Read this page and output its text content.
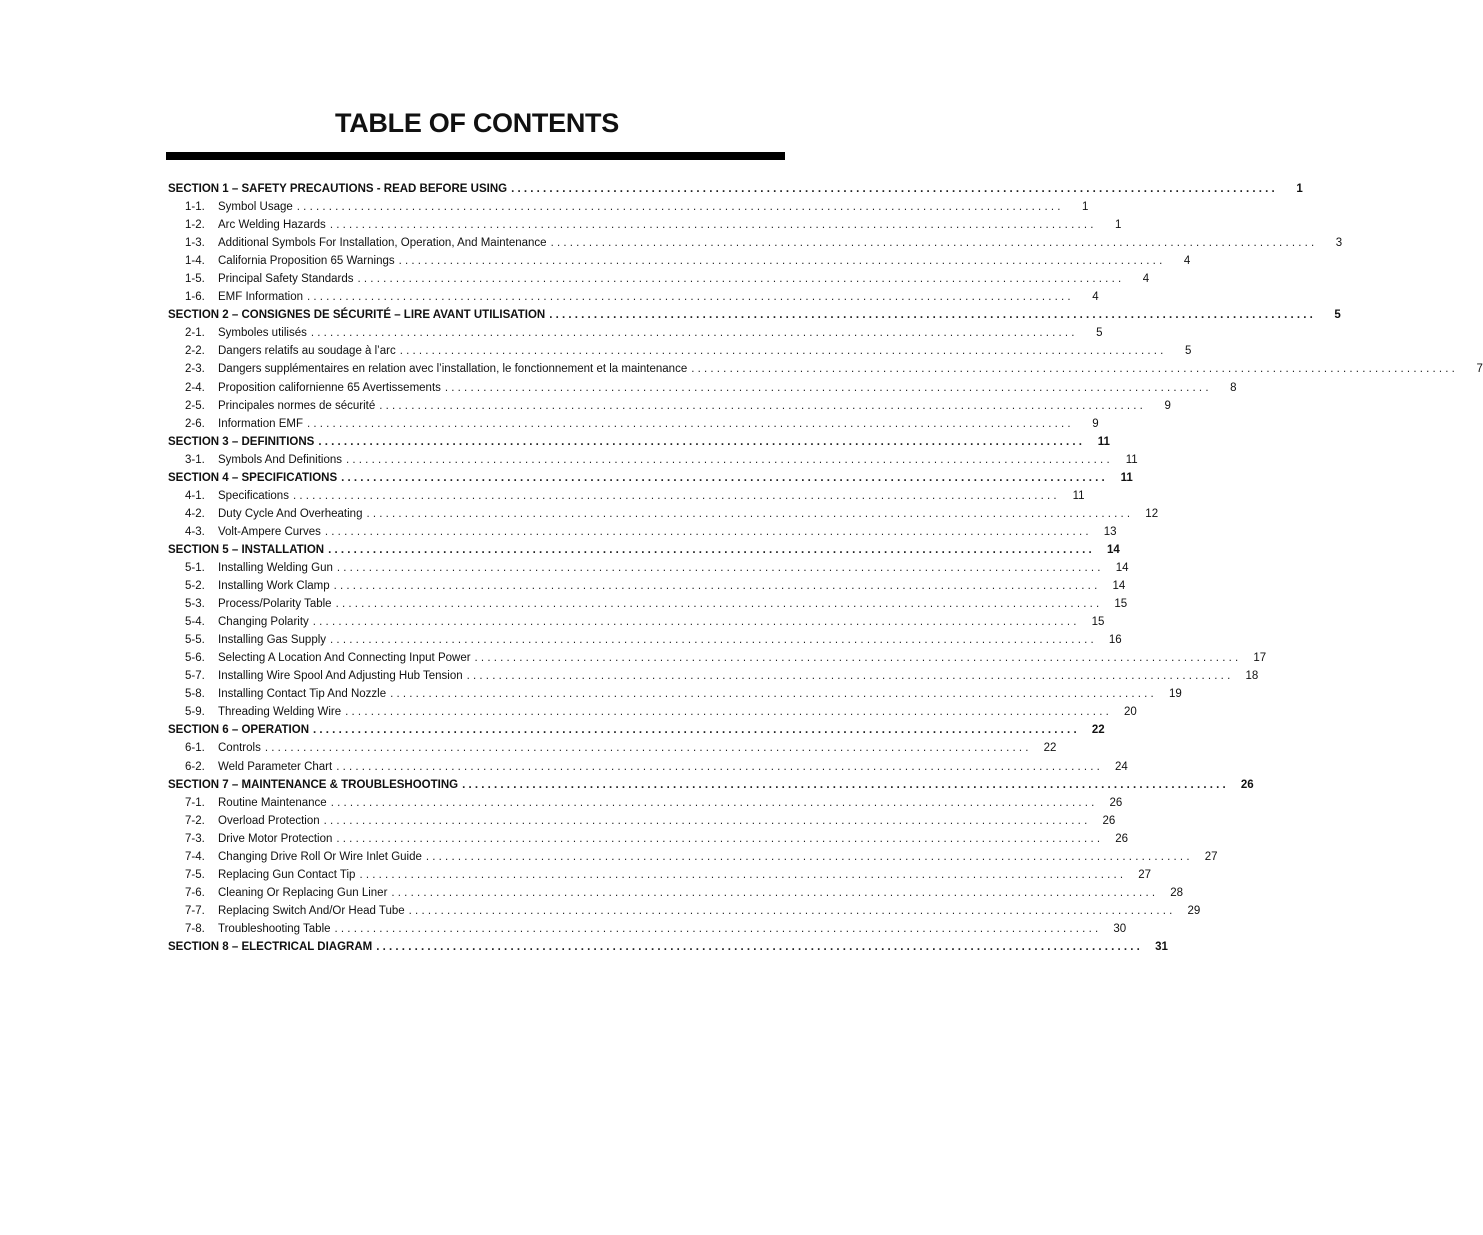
TABLE OF CONTENTS
SECTION 1 – SAFETY PRECAUTIONS - READ BEFORE USING . . .	1
1-1.	Symbol Usage . . .	1
1-2.	Arc Welding Hazards . . .	1
1-3.	Additional Symbols For Installation, Operation, And Maintenance . . .	3
1-4.	California Proposition 65 Warnings . . .	4
1-5.	Principal Safety Standards . . .	4
1-6.	EMF Information . . .	4
SECTION 2 – CONSIGNES DE SÉCURITÉ – LIRE AVANT UTILISATION . . .	5
2-1.	Symboles utilisés . . .	5
2-2.	Dangers relatifs au soudage à l’arc . . .	5
2-3.	Dangers supplémentaires en relation avec l’installation, le fonctionnement et la maintenance . . .	7
2-4.	Proposition californienne 65 Avertissements . . .	8
2-5.	Principales normes de sécurité . . .	9
2-6.	Information EMF . . .	9
SECTION 3 – DEFINITIONS . . .	11
3-1.	Symbols And Definitions . . .	11
SECTION 4 – SPECIFICATIONS . . .	11
4-1.	Specifications . . .	11
4-2.	Duty Cycle And Overheating . . .	12
4-3.	Volt-Ampere Curves . . .	13
SECTION 5 – INSTALLATION . . .	14
5-1.	Installing Welding Gun . . .	14
5-2.	Installing Work Clamp . . .	14
5-3.	Process/Polarity Table . . .	15
5-4.	Changing Polarity . . .	15
5-5.	Installing Gas Supply . . .	16
5-6.	Selecting A Location And Connecting Input Power . . .	17
5-7.	Installing Wire Spool And Adjusting Hub Tension . . .	18
5-8.	Installing Contact Tip And Nozzle . . .	19
5-9.	Threading Welding Wire . . .	20
SECTION 6 – OPERATION . . .	22
6-1.	Controls . . .	22
6-2.	Weld Parameter Chart . . .	24
SECTION 7 – MAINTENANCE & TROUBLESHOOTING . . .	26
7-1.	Routine Maintenance . . .	26
7-2.	Overload Protection . . .	26
7-3.	Drive Motor Protection . . .	26
7-4.	Changing Drive Roll Or Wire Inlet Guide . . .	27
7-5.	Replacing Gun Contact Tip . . .	27
7-6.	Cleaning Or Replacing Gun Liner . . .	28
7-7.	Replacing Switch And/Or Head Tube . . .	29
7-8.	Troubleshooting Table . . .	30
SECTION 8 – ELECTRICAL DIAGRAM . . .	31
